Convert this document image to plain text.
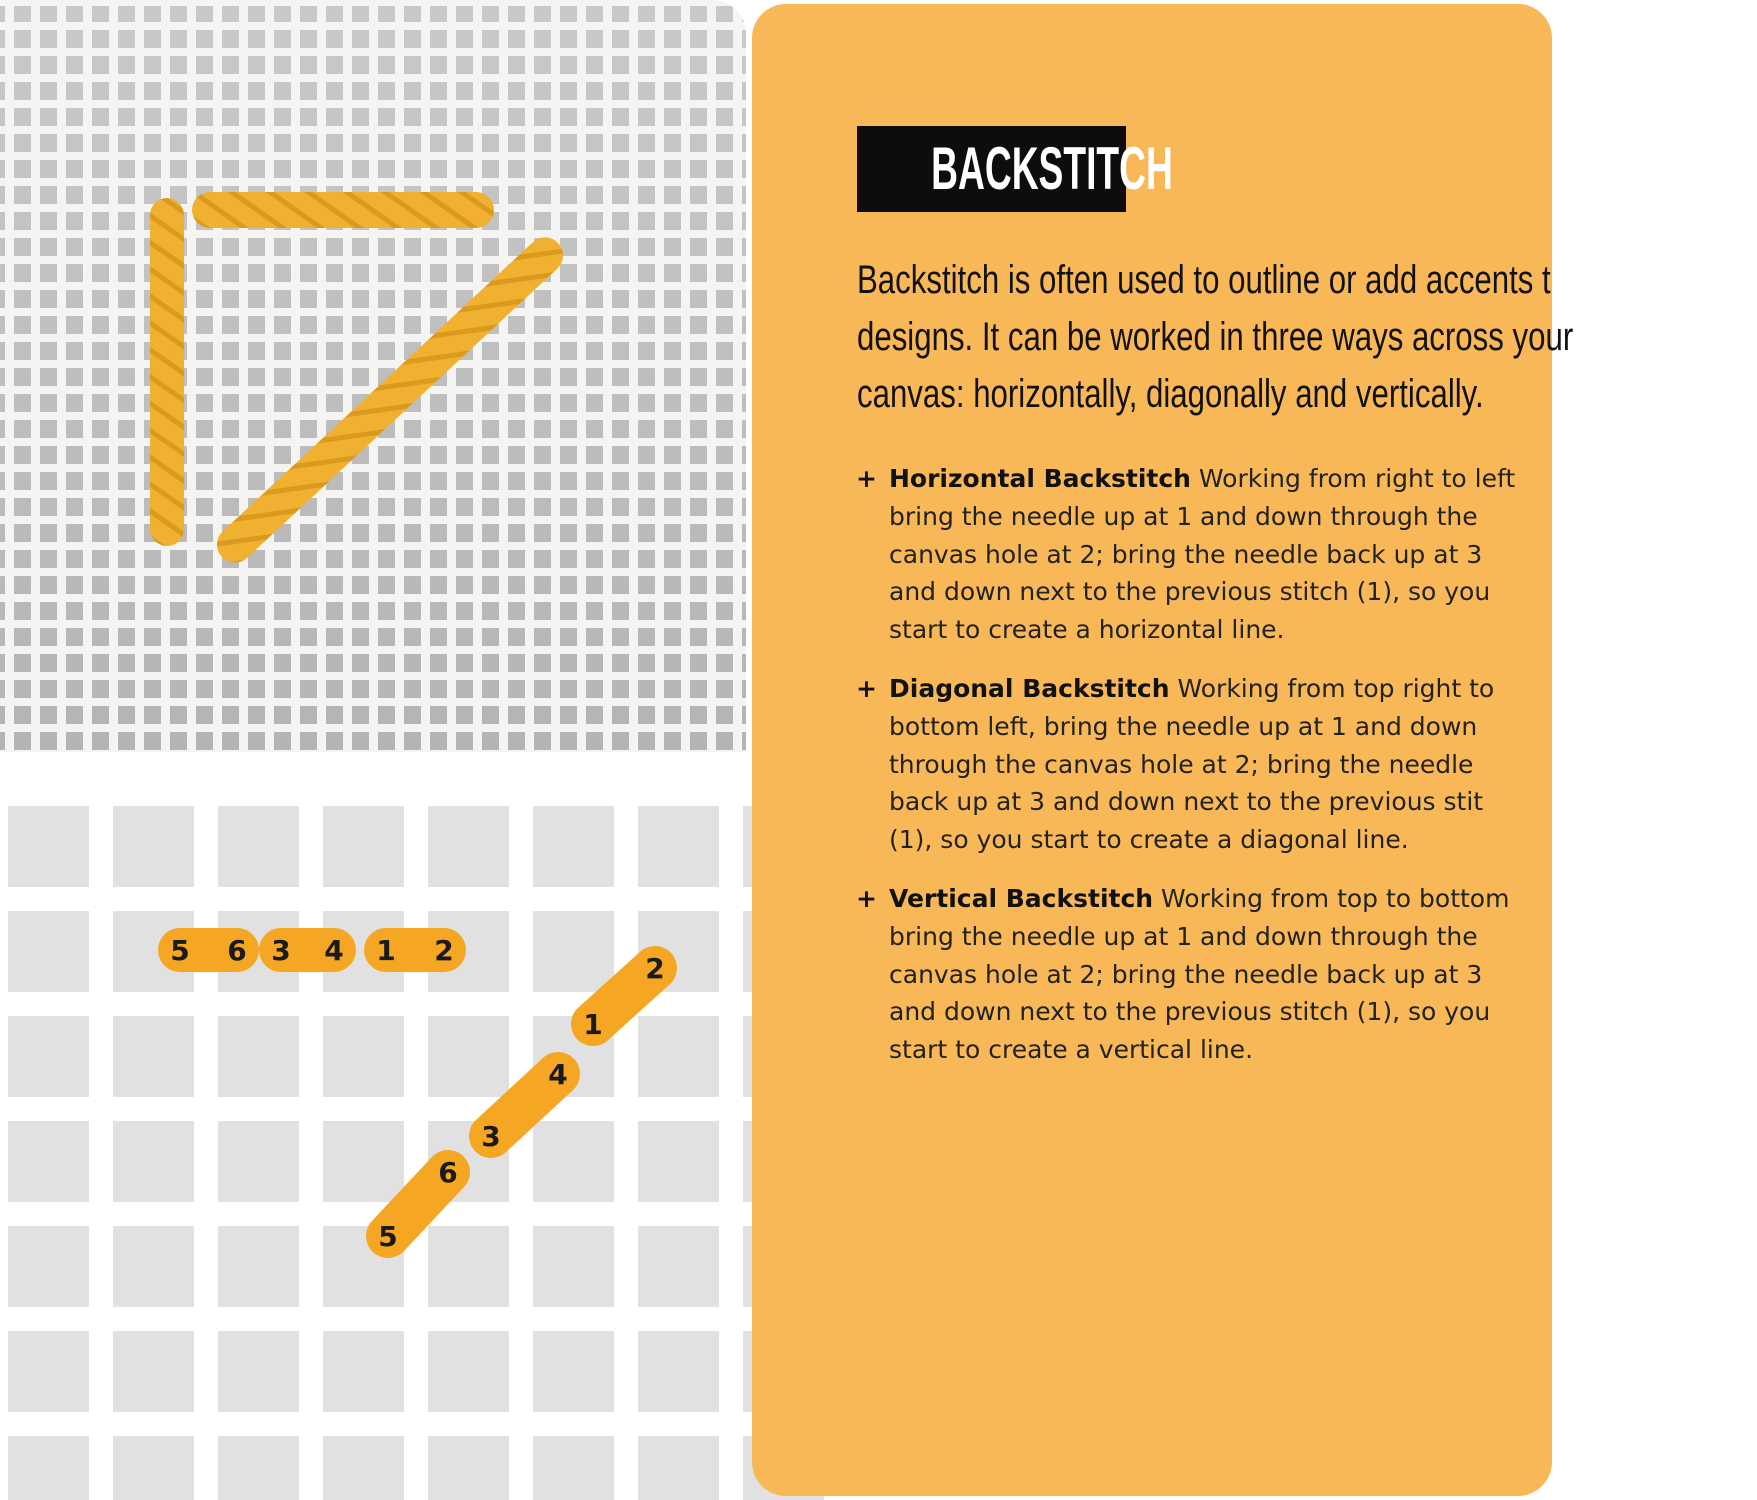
5 6 3 4 1 2
1
2
3
4
5
6
BACKSTITCH
Backstitch is often used to outline or add accents t
designs. It can be worked in three ways across your
canvas: horizontally, diagonally and vertically.
+ Horizontal Backstitch Working from right to left
bring the needle up at 1 and down through the
canvas hole at 2; bring the needle back up at 3
and down next to the previous stitch (1), so you
start to create a horizontal line.
+ Diagonal Backstitch Working from top right to
bottom left, bring the needle up at 1 and down
through the canvas hole at 2; bring the needle
back up at 3 and down next to the previous stit
(1), so you start to create a diagonal line.
+ Vertical Backstitch Working from top to bottom
bring the needle up at 1 and down through the
canvas hole at 2; bring the needle back up at 3
and down next to the previous stitch (1), so you
start to create a vertical line.
